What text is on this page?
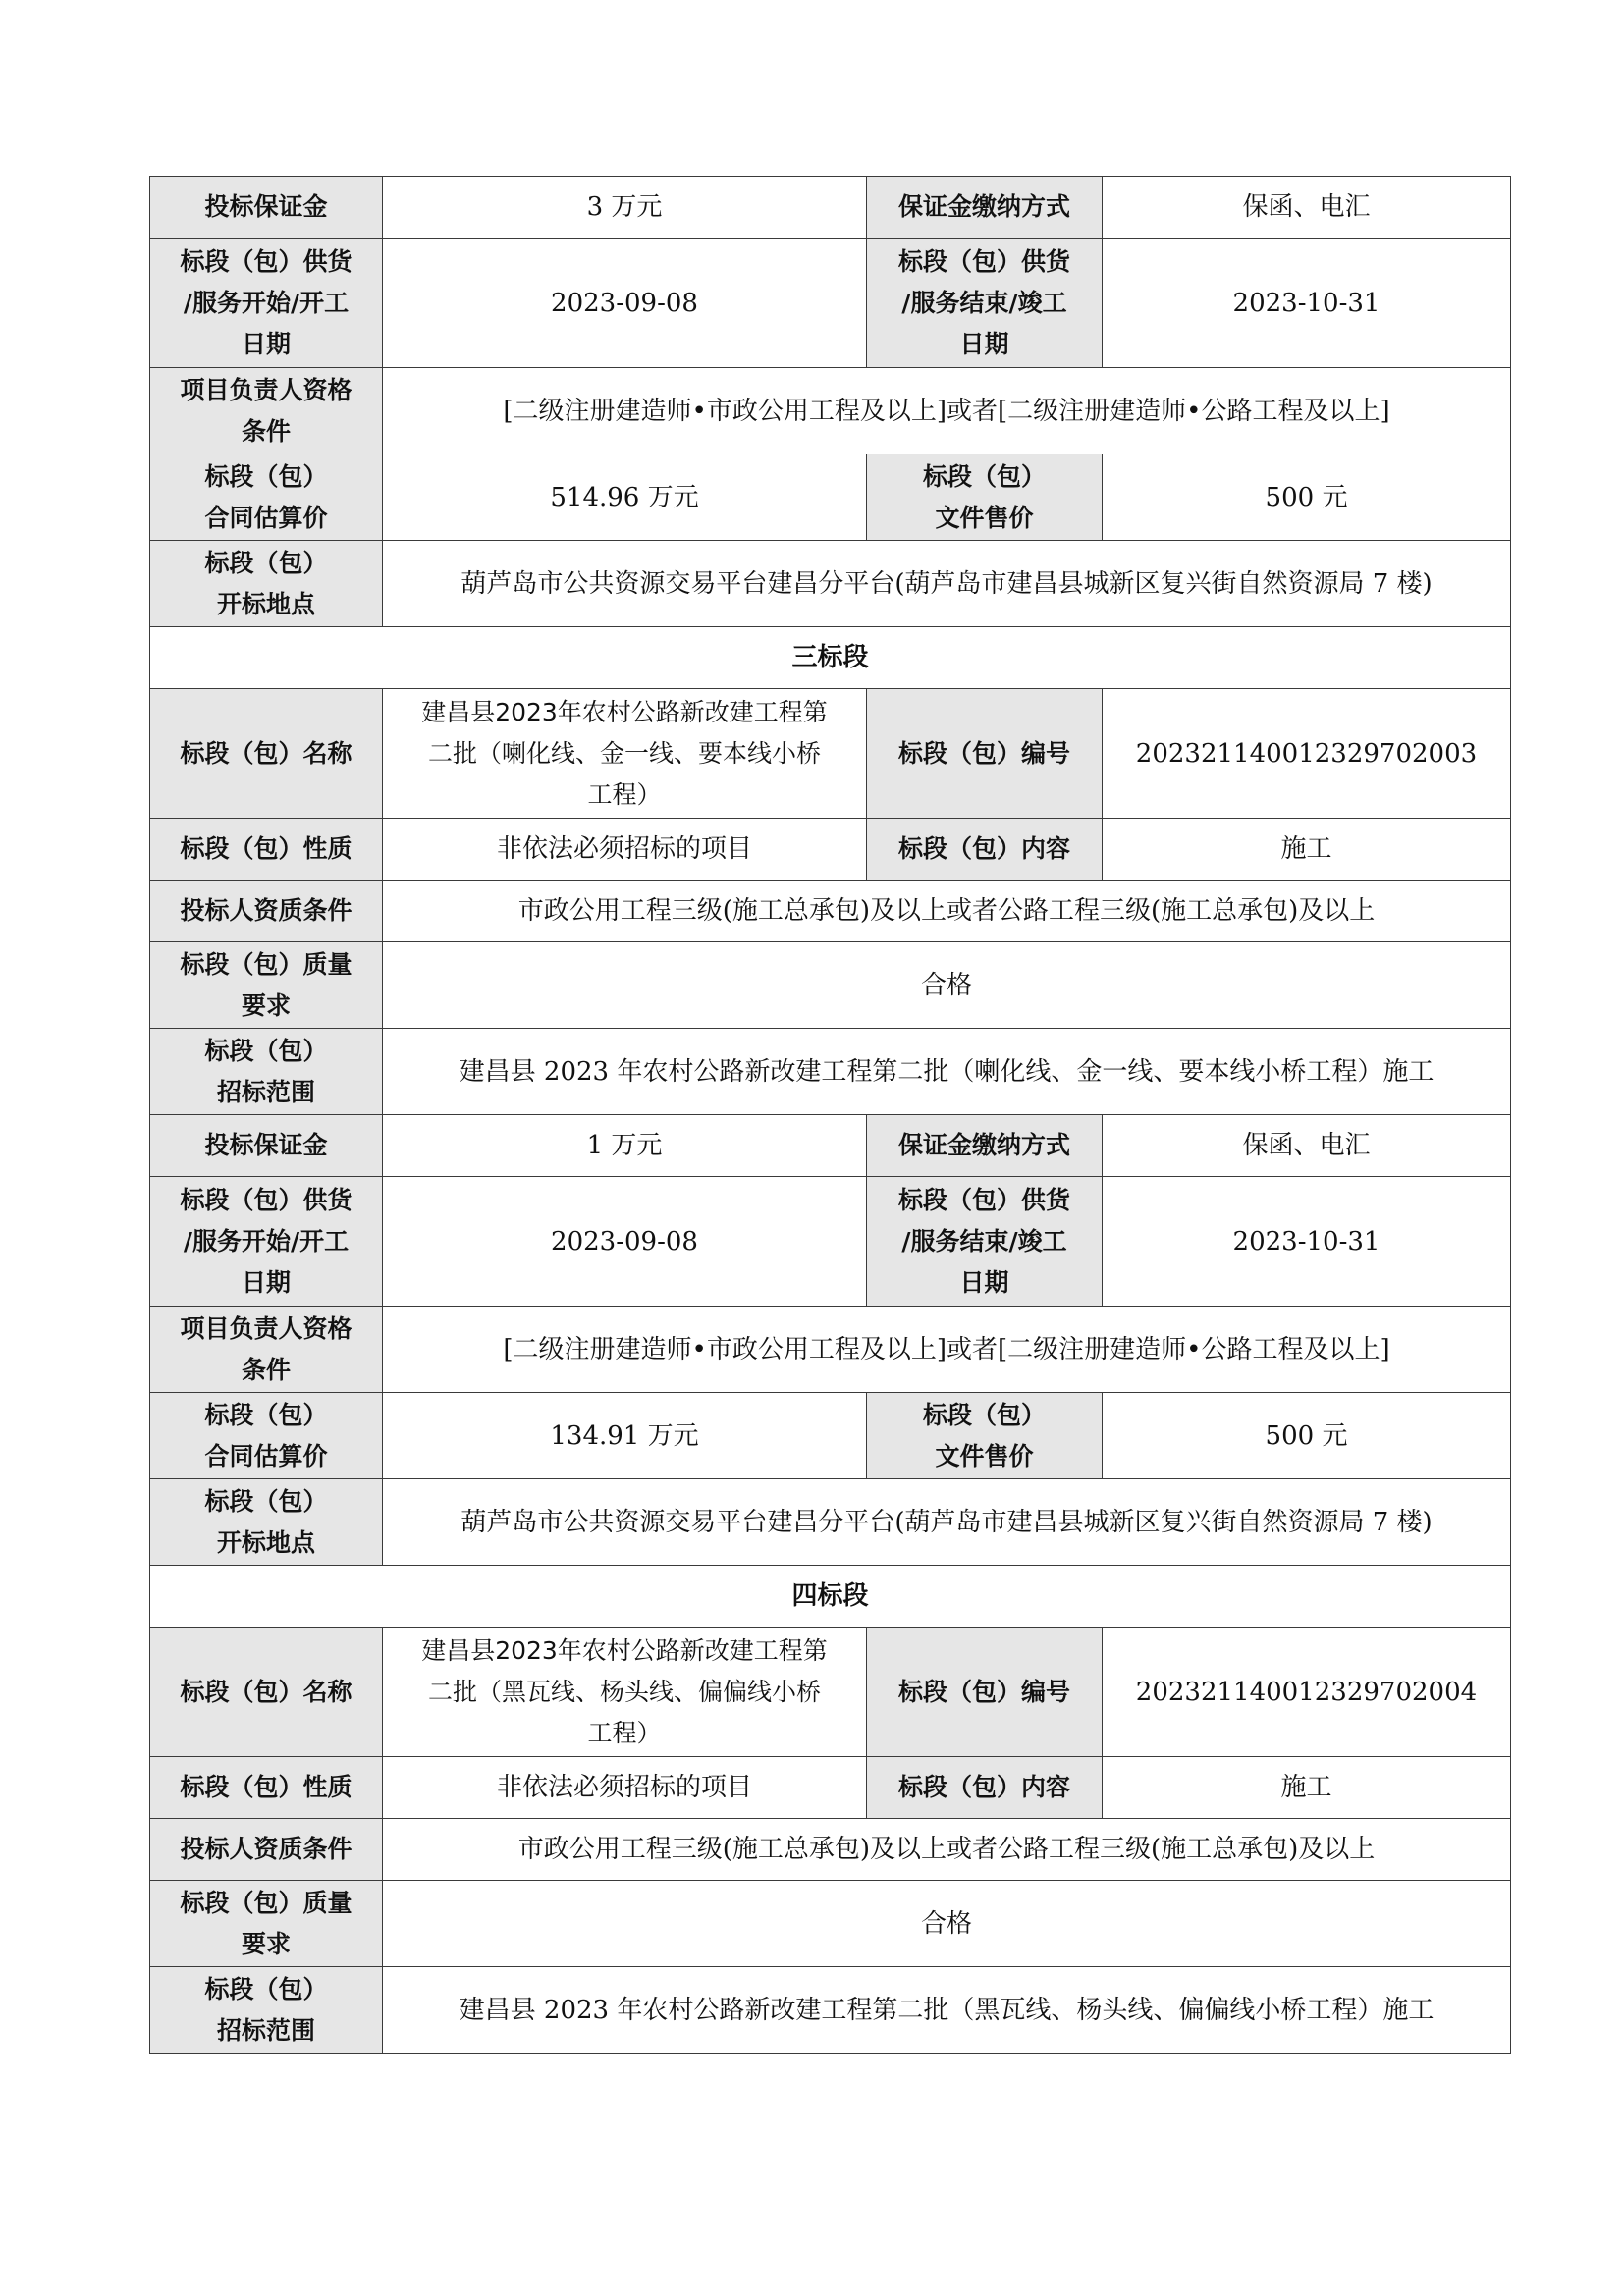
投标保证金	3 万元	保证金缴纳方式	保函、电汇
标段（包）供货
/服务开始/开工
日期	2023-09-08	标段（包）供货
/服务结束/竣工
日期	2023-10-31
项目负责人资格
条件	[二级注册建造师•市政公用工程及以上]或者[二级注册建造师•公路工程及以上]		
标段（包）
合同估算价	514.96 万元	标段（包）
文件售价	500 元
标段（包）
开标地点	葫芦岛市公共资源交易平台建昌分平台(葫芦岛市建昌县城新区复兴街自然资源局 7 楼)		
三标段			
标段（包）名称	建昌县2023年农村公路新改建工程第
二批（喇化线、金一线、要本线小桥
工程）	标段（包）编号	202321140012329702003
标段（包）性质	非依法必须招标的项目	标段（包）内容	施工
投标人资质条件	市政公用工程三级(施工总承包)及以上或者公路工程三级(施工总承包)及以上		
标段（包）质量
要求	合格		
标段（包）
招标范围	建昌县 2023 年农村公路新改建工程第二批（喇化线、金一线、要本线小桥工程）施工		
投标保证金	1 万元	保证金缴纳方式	保函、电汇
标段（包）供货
/服务开始/开工
日期	2023-09-08	标段（包）供货
/服务结束/竣工
日期	2023-10-31
项目负责人资格
条件	[二级注册建造师•市政公用工程及以上]或者[二级注册建造师•公路工程及以上]		
标段（包）
合同估算价	134.91 万元	标段（包）
文件售价	500 元
标段（包）
开标地点	葫芦岛市公共资源交易平台建昌分平台(葫芦岛市建昌县城新区复兴街自然资源局 7 楼)		
四标段			
标段（包）名称	建昌县2023年农村公路新改建工程第
二批（黑瓦线、杨头线、偏偏线小桥
工程）	标段（包）编号	202321140012329702004
标段（包）性质	非依法必须招标的项目	标段（包）内容	施工
投标人资质条件	市政公用工程三级(施工总承包)及以上或者公路工程三级(施工总承包)及以上		
标段（包）质量
要求	合格		
标段（包）
招标范围	建昌县 2023 年农村公路新改建工程第二批（黑瓦线、杨头线、偏偏线小桥工程）施工		
